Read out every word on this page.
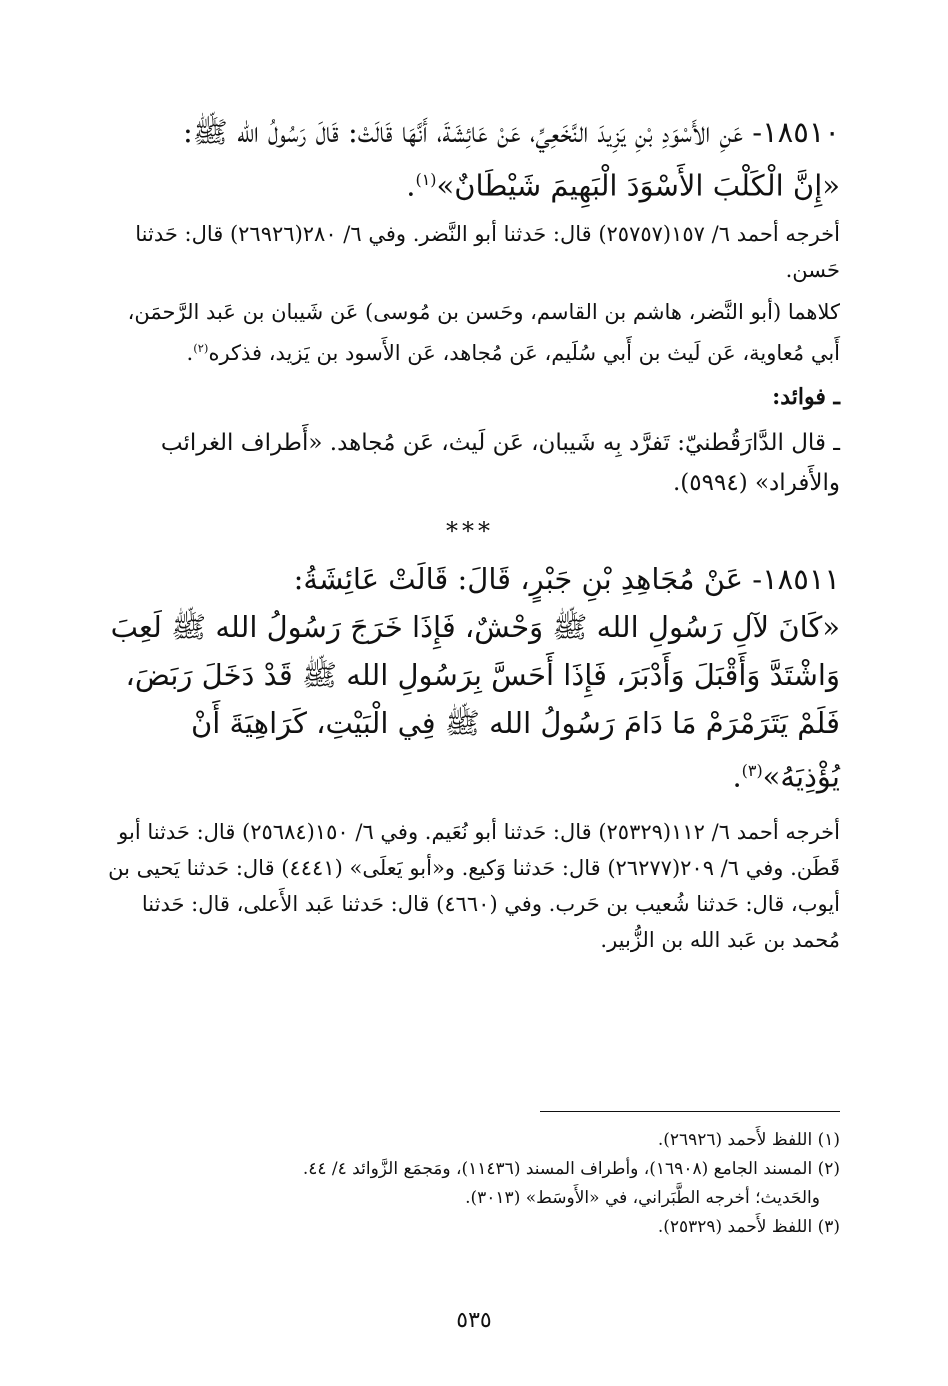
١٨٥١٠- عَنِ الأَسْوَدِ بْنِ يَزِيدَ النَّخَعِيِّ، عَنْ عَائِشَةَ، أَنَّهَا قَالَتْ: قَالَ رَسُولُ الله ﷺ:

«إِنَّ الْكَلْبَ الأَسْوَدَ الْبَهِيمَ شَيْطَانٌ»$^{(١)}$.

أخرجه أحمد ٦/ ١٥٧(٢٥٧٥٧) قال: حَدثنا أبو النَّضر. وفي ٦/ ٢٨٠(٢٦٩٢٦) قال: حَدثنا حَسن.

كلاهما (أبو النَّضر، هاشم بن القاسم، وحَسن بن مُوسى) عَن شَيبان بن عَبد الرَّحمَن، أَبي مُعاوية، عَن لَيث بن أَبي سُلَيم، عَن مُجاهد، عَن الأَسود بن يَزيد، فذكره$^{(٢)}$.

ـ فوائد:

ـ قال الدَّارَقُطنيّ: تَفرَّد بِه شَيبان، عَن لَيث، عَن مُجاهد. «أَطراف الغرائب والأَفراد» (٥٩٩٤).

***

١٨٥١١- عَنْ مُجَاهِدِ بْنِ جَبْرٍ، قَالَ: قَالَتْ عَائِشَةُ:

«كَانَ لآلِ رَسُولِ الله ﷺ وَحْشٌ، فَإِذَا خَرَجَ رَسُولُ الله ﷺ لَعِبَ وَاشْتَدَّ وَأَقْبَلَ وَأَدْبَرَ، فَإِذَا أَحَسَّ بِرَسُولِ الله ﷺ قَدْ دَخَلَ رَبَضَ، فَلَمْ يَتَرَمْرَمْ مَا دَامَ رَسُولُ الله ﷺ فِي الْبَيْتِ، كَرَاهِيَةَ أَنْ يُؤْذِيَهُ»$^{(٣)}$.

أخرجه أحمد ٦/ ١١٢(٢٥٣٢٩) قال: حَدثنا أبو نُعَيم. وفي ٦/ ١٥٠(٢٥٦٨٤) قال: حَدثنا أبو قَطَن. وفي ٦/ ٢٠٩(٢٦٢٧٧) قال: حَدثنا وَكيع. و«أبو يَعلَى» (٤٤٤١) قال: حَدثنا يَحيى بن أيوب، قال: حَدثنا شُعيب بن حَرب. وفي (٤٦٦٠) قال: حَدثنا عَبد الأَعلى، قال: حَدثنا مُحمد بن عَبد الله بن الزُّبير.

(١) اللفظ لأَحمد (٢٦٩٢٦).

(٢) المسند الجامع (١٦٩٠٨)، وأطراف المسند (١١٤٣٦)، ومَجمَع الزَّوائد ٤/ ٤٤.

والحَديث؛ أخرجه الطَّبَراني، في «الأَوسَط» (٣٠١٣).

(٣) اللفظ لأَحمد (٢٥٣٢٩).

٥٣٥
